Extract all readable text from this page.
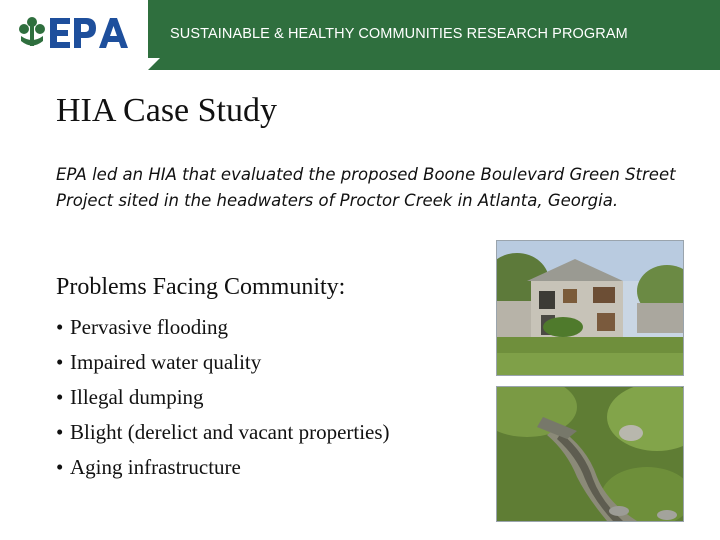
SUSTAINABLE & HEALTHY COMMUNITIES RESEARCH PROGRAM
HIA Case Study
EPA led an HIA that evaluated the proposed Boone Boulevard Green Street Project sited in the headwaters of Proctor Creek in Atlanta, Georgia.
Problems Facing Community:
• Pervasive flooding
• Impaired water quality
• Illegal dumping
• Blight (derelict and vacant properties)
• Aging infrastructure
